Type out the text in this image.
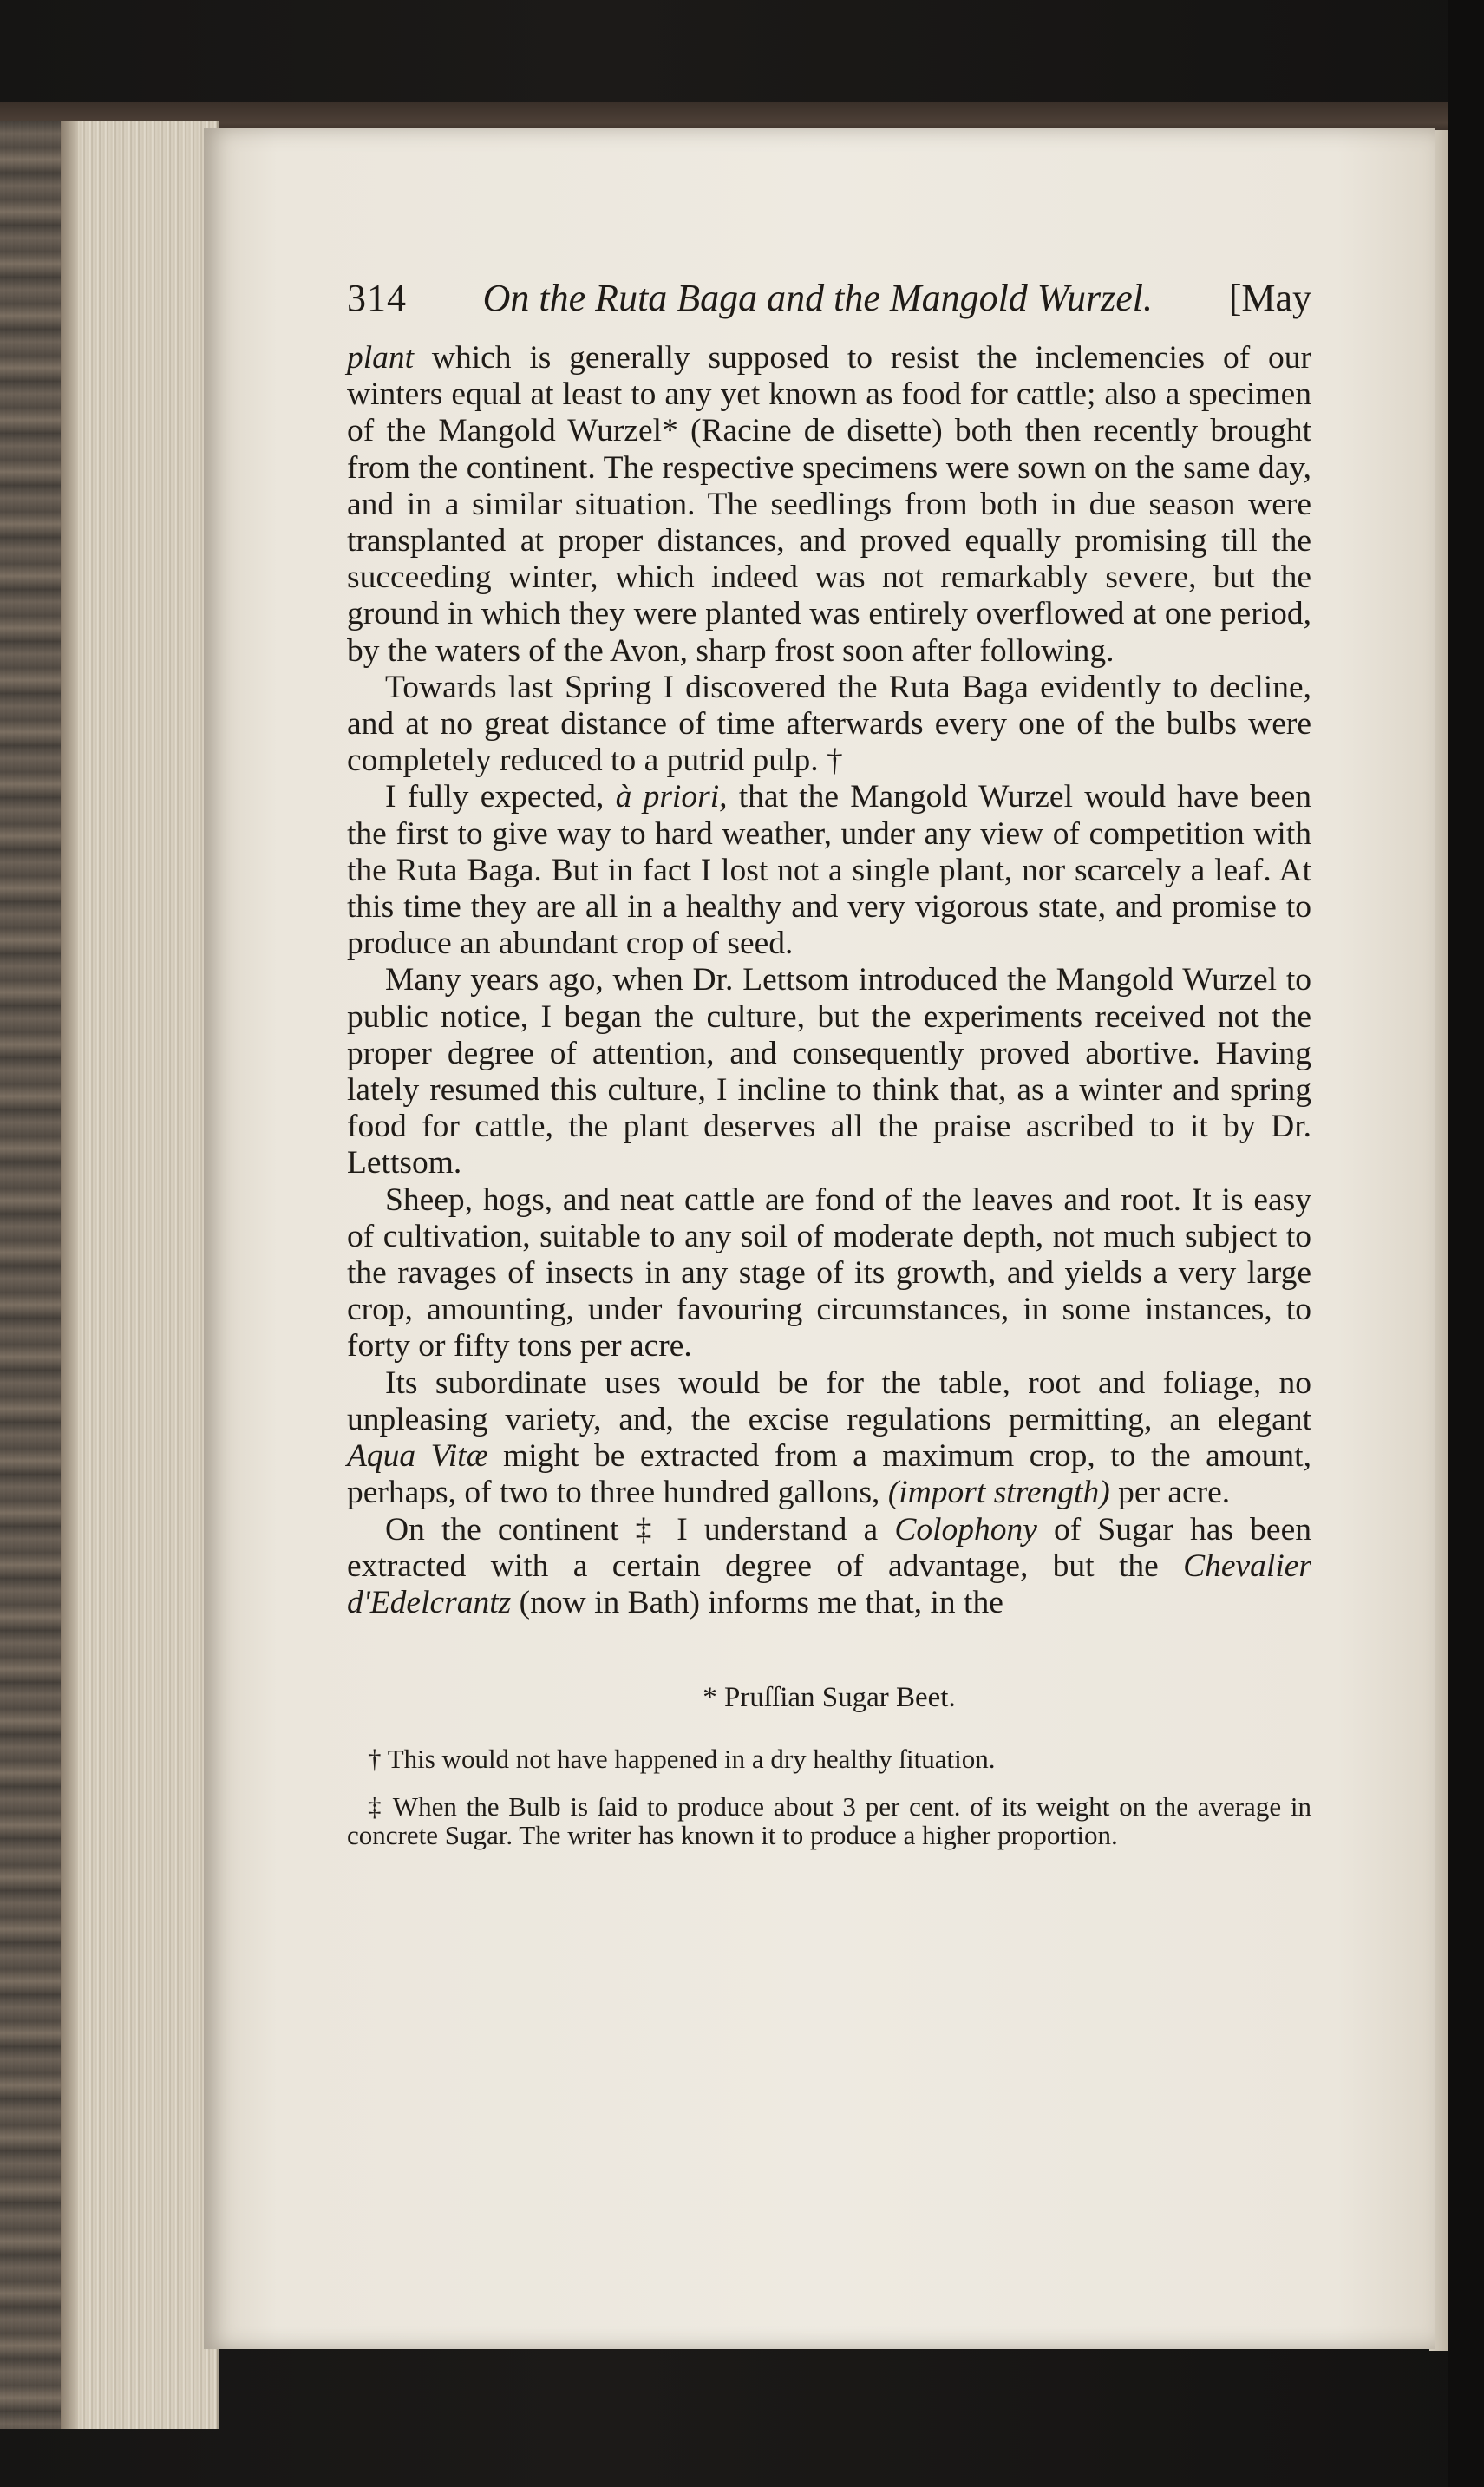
314 On the Ruta Baga and the Mangold Wurzel. [May

plant which is generally supposed to resist the inclemencies of our winters equal at least to any yet known as food for cattle; also a specimen of the Mangold Wurzel* (Racine de disette) both then recently brought from the continent. The respective specimens were sown on the same day, and in a similar situation. The seedlings from both in due season were transplanted at proper distances, and proved equally promising till the succeeding winter, which indeed was not remarkably severe, but the ground in which they were planted was entirely overflowed at one period, by the waters of the Avon, sharp frost soon after following.

Towards last Spring I discovered the Ruta Baga evidently to decline, and at no great distance of time afterwards every one of the bulbs were completely reduced to a putrid pulp. †

I fully expected, à priori, that the Mangold Wurzel would have been the first to give way to hard weather, under any view of competition with the Ruta Baga. But in fact I lost not a single plant, nor scarcely a leaf. At this time they are all in a healthy and very vigorous state, and promise to produce an abundant crop of seed.

Many years ago, when Dr. Lettsom introduced the Mangold Wurzel to public notice, I began the culture, but the experiments received not the proper degree of attention, and consequently proved abortive. Having lately resumed this culture, I incline to think that, as a winter and spring food for cattle, the plant deserves all the praise ascribed to it by Dr. Lettsom.

Sheep, hogs, and neat cattle are fond of the leaves and root. It is easy of cultivation, suitable to any soil of moderate depth, not much subject to the ravages of insects in any stage of its growth, and yields a very large crop, amounting, under favouring circumstances, in some instances, to forty or fifty tons per acre.

Its subordinate uses would be for the table, root and foliage, no unpleasing variety, and, the excise regulations permitting, an elegant Aqua Vitæ might be extracted from a maximum crop, to the amount, perhaps, of two to three hundred gallons, (import strength) per acre.

On the continent ‡ I understand a Colophony of Sugar has been extracted with a certain degree of advantage, but the Chevalier d'Edelcrantz (now in Bath) informs me that, in the

* Pruſſian Sugar Beet.
† This would not have happened in a dry healthy ſituation.
‡ When the Bulb is ſaid to produce about 3 per cent. of its weight on the average in concrete Sugar. The writer has known it to produce a higher proportion.
